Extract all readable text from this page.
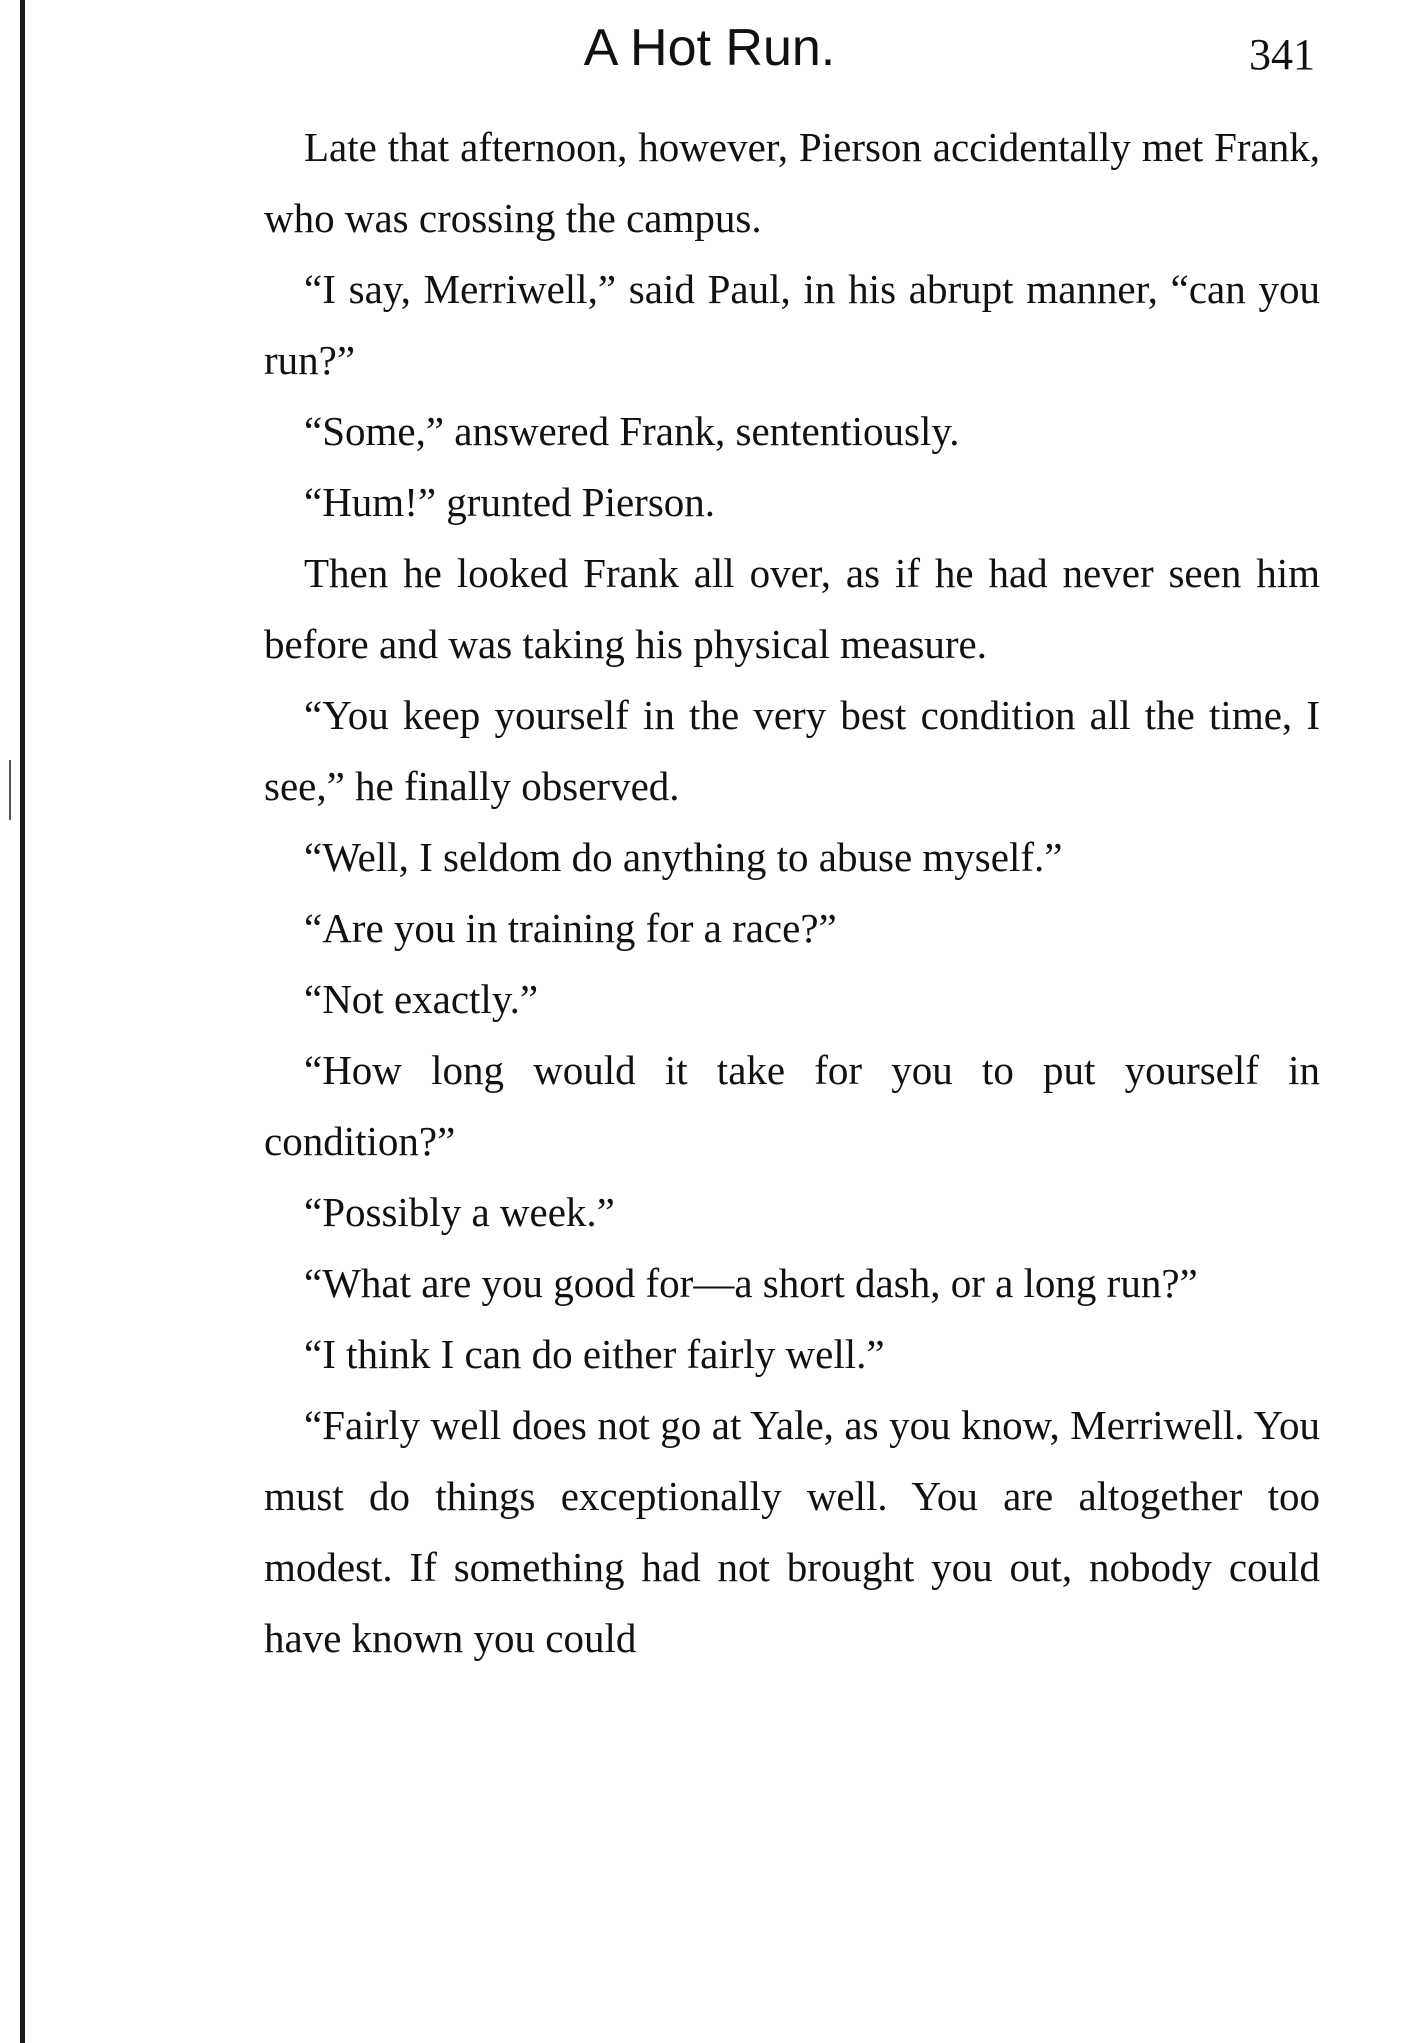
A Hot Run.	341

Late that afternoon, however, Pierson accidentally met Frank, who was crossing the campus.

“I say, Merriwell,” said Paul, in his abrupt manner, “can you run?”

“Some,” answered Frank, sententiously.

“Hum!” grunted Pierson.

Then he looked Frank all over, as if he had never seen him before and was taking his physical measure.

“You keep yourself in the very best condition all the time, I see,” he finally observed.

“Well, I seldom do anything to abuse myself.”

“Are you in training for a race?”

“Not exactly.”

“How long would it take for you to put yourself in condition?”

“Possibly a week.”

“What are you good for—a short dash, or a long run?”

“I think I can do either fairly well.”

“Fairly well does not go at Yale, as you know, Merriwell. You must do things exceptionally well. You are altogether too modest. If something had not brought you out, nobody could have known you could
